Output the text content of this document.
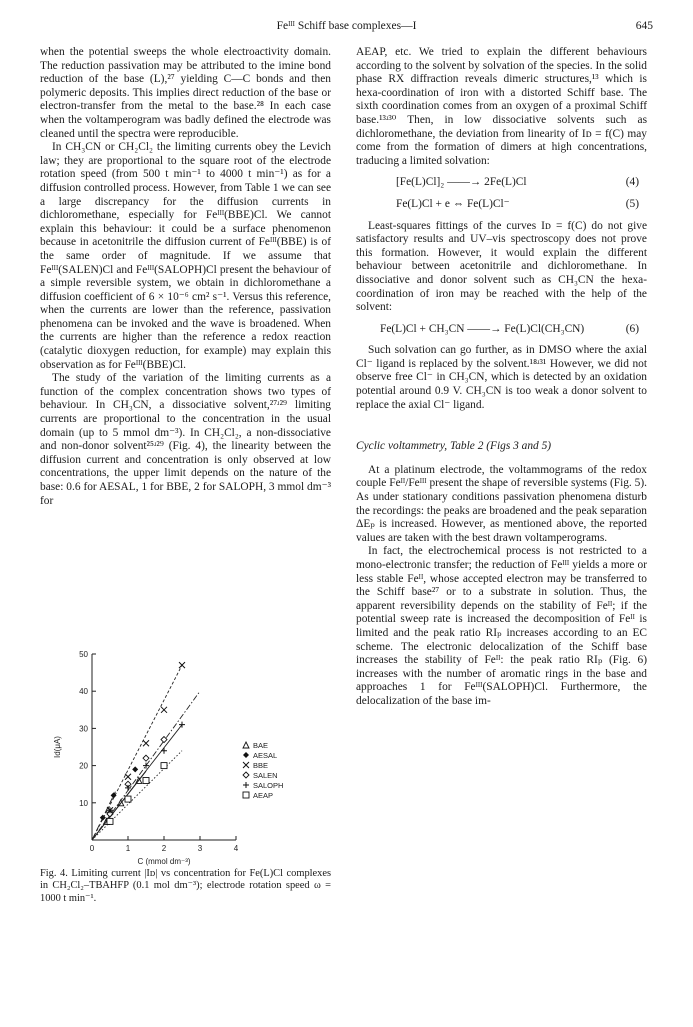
Feᴵᴵᴵ Schiff base complexes—I	645

when the potential sweeps the whole electroactivity domain. The reduction passivation may be attributed to the imine bond reduction of the base (L),²⁷ yielding C—C bonds and then polymeric deposits. This implies direct reduction of the base or electron-transfer from the metal to the base.²⁸ In each case when the voltamperogram was badly defined the electrode was cleaned until the spectra were reproducible.

In CH₃CN or CH₂Cl₂ the limiting currents obey the Levich law; they are proportional to the square root of the electrode rotation speed (from 500 t min⁻¹ to 4000 t min⁻¹) as for a diffusion controlled process. However, from Table 1 we can see a large discrepancy for the diffusion currents in dichloromethane, especially for Feᴵᴵᴵ(BBE)Cl. We cannot explain this behaviour: it could be a surface phenomenon because in acetonitrile the diffusion current of Feᴵᴵᴵ(BBE) is of the same order of magnitude. If we assume that Feᴵᴵᴵ(SALEN)Cl and Feᴵᴵᴵ(SALOPH)Cl present the behaviour of a simple reversible system, we obtain in dichloromethane a diffusion coefficient of 6 × 10⁻⁶ cm² s⁻¹. Versus this reference, when the currents are lower than the reference, passivation phenomena can be invoked and the wave is broadened. When the currents are higher than the reference a redox reaction (catalytic dioxygen reduction, for example) may explain this observation as for Feᴵᴵᴵ(BBE)Cl.

The study of the variation of the limiting currents as a function of the complex concentration shows two types of behaviour. In CH₃CN, a dissociative solvent,²⁷ʴ²⁹ limiting currents are proportional to the concentration in the usual domain (up to 5 mmol dm⁻³). In CH₂Cl₂, a non-dissociative and non-donor solvent²⁵ʴ²⁹ (Fig. 4), the linearity between the diffusion current and concentration is only observed at low concentrations, the upper limit depends on the nature of the base: 0.6 for AESAL, 1 for BBE, 2 for SALOPH, 3 mmol dm⁻³ for

0	1	2	3	4
10
20
30
40
50
C (mmol dm⁻³)
Id(μA)	BAE
AESAL
BBE
SALEN
SALOPH
AEAP
Fig. 4. Limiting current |Iᴅ| vs concentration for Fe(L)Cl complexes in CH₂Cl₂–TBAHFP (0.1 mol dm⁻³); electrode rotation speed ω = 1000 t min⁻¹.

AEAP, etc. We tried to explain the different behaviours according to the solvent by solvation of the species. In the solid phase RX diffraction reveals dimeric structures,¹³ which is hexa-coordination of iron with a distorted Schiff base. The sixth coordination comes from an oxygen of a proximal Schiff base.¹³ʴ³⁰ Then, in low dissociative solvents such as dichloromethane, the deviation from linearity of Iᴅ = f(C) may come from the formation of dimers at high concentrations, traducing a limited solvation:

[Fe(L)Cl]₂ ——→ 2Fe(L)Cl	(4)
Fe(L)Cl + e ⇔ Fe(L)Cl⁻	(5)

Least-squares fittings of the curves Iᴅ = f(C) do not give satisfactory results and UV–vis spectroscopy does not prove this formation. However, it would explain the different behaviour between acetonitrile and dichloromethane. In dissociative and donor solvent such as CH₃CN the hexa-coordination of iron may be reached with the help of the solvent:

Fe(L)Cl + CH₃CN ——→ Fe(L)Cl(CH₃CN)	(6)

Such solvation can go further, as in DMSO where the axial Cl⁻ ligand is replaced by the solvent.¹⁸ʴ³¹ However, we did not observe free Cl⁻ in CH₃CN, which is detected by an oxidation potential around 0.9 V. CH₃CN is too weak a donor solvent to replace the axial Cl⁻ ligand.

Cyclic voltammetry, Table 2 (Figs 3 and 5)

At a platinum electrode, the voltammograms of the redox couple Feᴵᴵ/Feᴵᴵᴵ present the shape of reversible systems (Fig. 5). As under stationary conditions passivation phenomena disturb the recordings: the peaks are broadened and the peak separation ΔEₚ is increased. However, as mentioned above, the reported values are taken with the best drawn voltamperograms.

In fact, the electrochemical process is not restricted to a mono-electronic transfer; the reduction of Feᴵᴵᴵ yields a more or less stable Feᴵᴵ, whose accepted electron may be transferred to the Schiff base²⁷ or to a substrate in solution. Thus, the apparent reversibility depends on the stability of Feᴵᴵ; if the potential sweep rate is increased the decomposition of Feᴵᴵ is limited and the peak ratio RIₚ increases according to an EC scheme. The electronic delocalization of the Schiff base increases the stability of Feᴵᴵ: the peak ratio RIₚ (Fig. 6) increases with the number of aromatic rings in the base and approaches 1 for Feᴵᴵᴵ(SALOPH)Cl. Furthermore, the delocalization of the base im-
